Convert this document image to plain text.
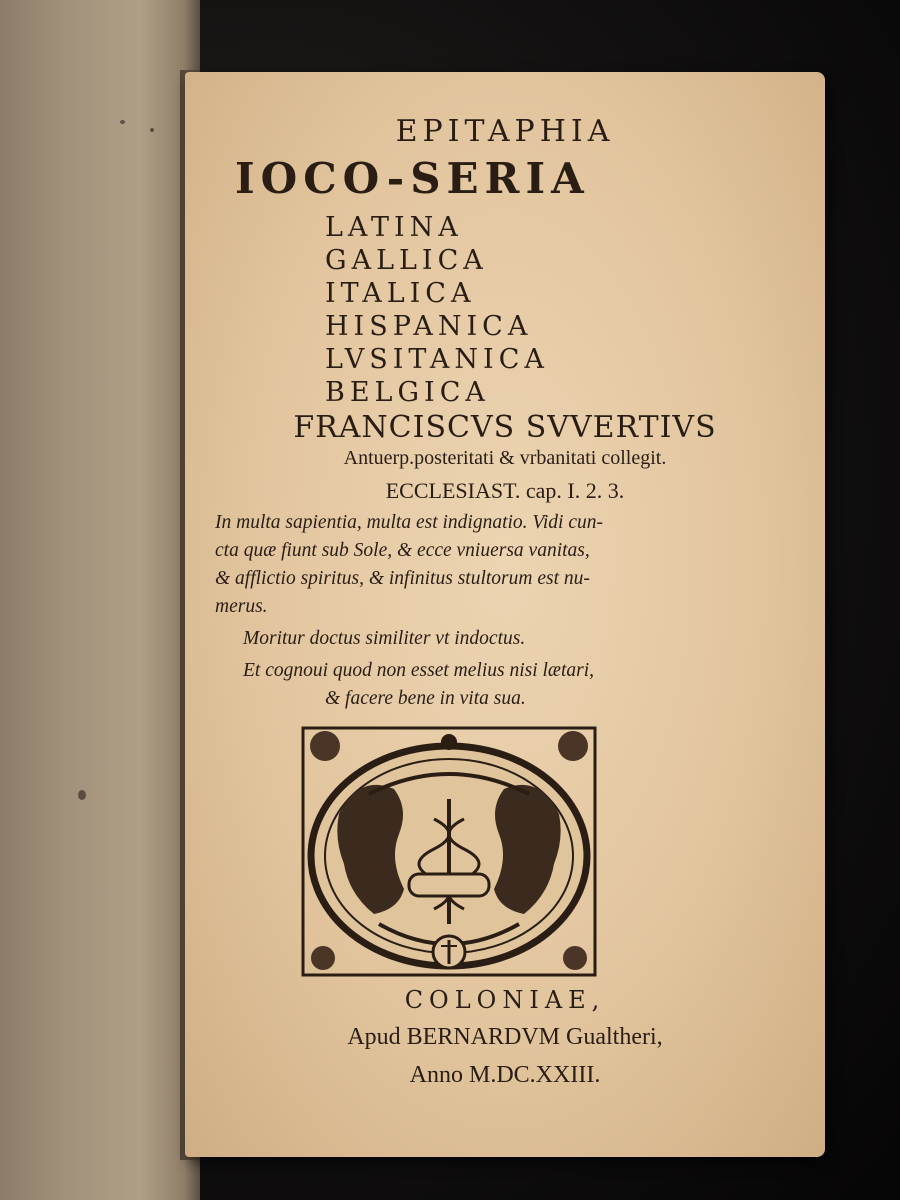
EPITAPHIA
IOCO-SERIA
LATINA
GALLICA
ITALICA
HISPANICA
LVSITANICA
BELGICA
FRANCISCVS SVVERTIVS
Antuerp.posteritati & vrbanitati collegit.
ECCLESIAST. cap. I. 2. 3.
In multa sapientia, multa est indignatio. Vidi cun-
cta quæ fiunt sub Sole, & ecce vniuersa vanitas,
& afflictio spiritus, & infinitus stultorum est nu-
merus.
Moritur doctus similiter vt indoctus.
Et cognoui quod non esset melius nisi lætari,
& facere bene in vita sua.
COLONIAE,
Apud BERNARDVM Gualtheri,
Anno M.DC.XXIII.
